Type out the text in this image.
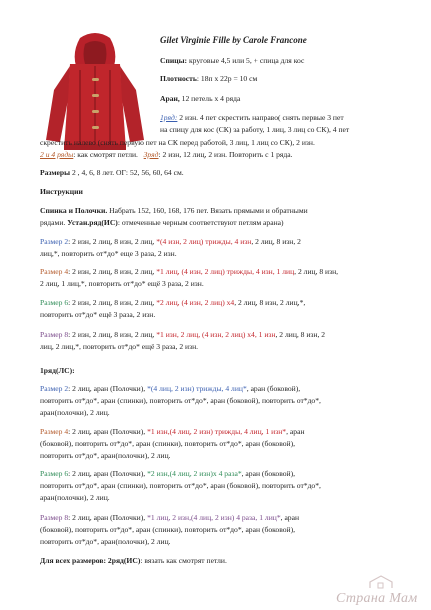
Gilet Virginie Fille by Carole Francone
Спицы: круговые 4,5 или 5, + спица для кос
Плотность: 18п х 22р = 10 см
Аран, 12 петель х 4 ряда
1ряд: 2 изн. 4 пет скрестить направо( снять первые 3 пет
на спицу для кос (СК) за работу, 1 лиц, 3 лиц со СК), 4 пет
скрестить налево (снять первую пет на СК перед работой, 3 лиц, 1 лиц со СК), 2 изн.
2 и 4 ряды: как смотрят петли. Зряд: 2 изн, 12 лиц, 2 изн. Повторить с 1 ряда.
Размеры 2 , 4, 6, 8 лет. ОГ: 52, 56, 60, 64 см.
Инструкции
Спинка и Полочки. Набрать 152, 160, 168, 176 пет. Вязать прямыми и обратными
рядами. Устан.ряд(ИС): отмеченные черным соответствуют петлям арана)
Размер 2: 2 изн, 2 лиц, 8 изн, 2 лиц, *(4 изн, 2 лиц) трижды, 4 изн, 2 лиц, 8 изн, 2
лиц,*, повторить от*до* еще 3 раза, 2 изн.
Размер 4: 2 изн, 2 лиц, 8 изн, 2 лиц, *1 лиц, (4 изн, 2 лиц) трижды, 4 изн, 1 лиц, 2 лиц, 8 изн,
2 лиц, 1 лиц,*, повторить от*до* ещё 3 раза, 2 изн.
Размер 6: 2 изн, 2 лиц, 8 изн, 2 лиц, *2 лиц, (4 изн, 2 лиц) х4, 2 лиц, 8 изн, 2 лиц,*,
повторить от*до* ещё 3 раза, 2 изн.
Размер 8: 2 изн, 2 лиц, 8 изн, 2 лиц, *1 изн, 2 лиц, (4 изн, 2 лиц) х4, 1 изн, 2 лиц, 8 изн, 2
лиц, 2 лиц,*, повторить от*до* ещё 3 раза, 2 изн.
1ряд(ЛС):
Размер 2: 2 лиц, аран (Полочки), *(4 лиц, 2 изн) трижды, 4 лиц*, аран (боковой),
повторить от*до*, аран (спинки), повторить от*до*, аран (боковой), повторить от*до*,
аран(полочки), 2 лиц.
Размер 4: 2 лиц, аран (Полочки), *1 изн,(4 лиц, 2 изн) трижды, 4 лиц, 1 изн*, аран
(боковой), повторить от*до*, аран (спинки), повторить от*до*, аран (боковой),
повторить от*до*, аран(полочки), 2 лиц.
Размер 6: 2 лиц, аран (Полочки), *2 изн,(4 лиц, 2 изн)х 4 раза*, аран (боковой),
повторить от*до*, аран (спинки), повторить от*до*, аран (боковой), повторить от*до*,
аран(полочки), 2 лиц.
Размер 8: 2 лиц, аран (Полочки), *1 лиц, 2 изн,(4 лиц, 2 изн) 4 раза, 1 лиц*, аран
(боковой), повторить от*до*, аран (спинки), повторить от*до*, аран (боковой),
повторить от*до*, аран(полочки), 2 лиц.
Для всех размеров: 2ряд(ИС): вязать как смотрят петли.
Страна Мам
